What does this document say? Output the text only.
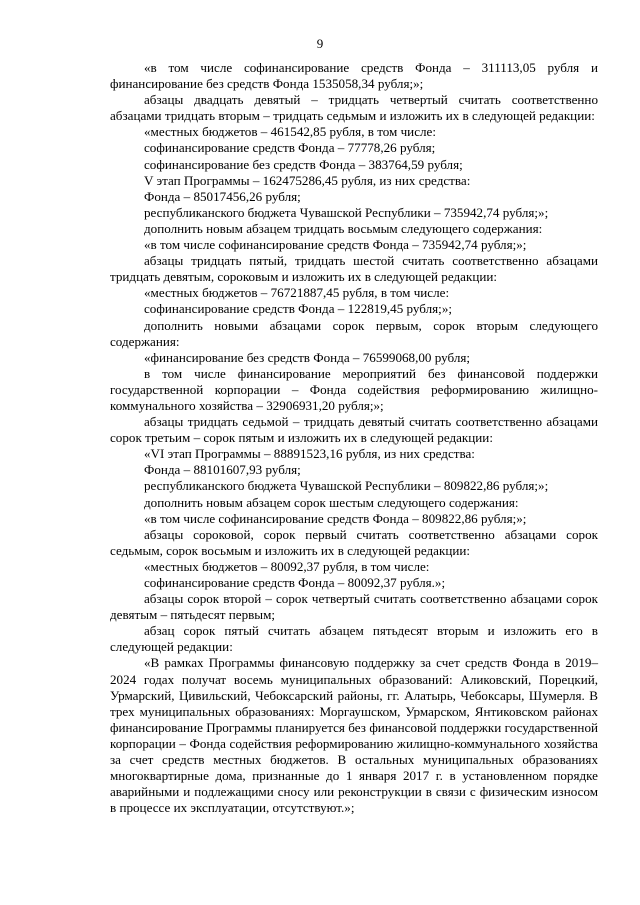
9

«в том числе софинансирование средств Фонда – 311113,05 рубля и финансирование без средств Фонда 1535058,34 рубля;»;

абзацы двадцать девятый – тридцать четвертый считать соответственно абзацами тридцать вторым – тридцать седьмым и изложить их в следующей редакции:

«местных бюджетов – 461542,85 рубля, в том числе:

софинансирование средств Фонда – 77778,26 рубля;

софинансирование без средств Фонда – 383764,59 рубля;

V этап Программы – 162475286,45 рубля, из них средства:

Фонда – 85017456,26 рубля;

республиканского бюджета Чувашской Республики – 735942,74 рубля;»;

дополнить новым абзацем тридцать восьмым следующего содержания:

«в том числе софинансирование средств Фонда – 735942,74 рубля;»;

абзацы тридцать пятый, тридцать шестой считать соответственно абзацами тридцать девятым, сороковым и изложить их в следующей редакции:

«местных бюджетов – 76721887,45 рубля, в том числе:

софинансирование средств Фонда – 122819,45 рубля;»;

дополнить новыми абзацами сорок первым, сорок вторым следующего содержания:

«финансирование без средств Фонда – 76599068,00 рубля;

в том числе финансирование мероприятий без финансовой поддержки государственной корпорации – Фонда содействия реформированию жилищно-коммунального хозяйства – 32906931,20 рубля;»;

абзацы тридцать седьмой – тридцать девятый считать соответственно абзацами сорок третьим – сорок пятым и изложить их в следующей редакции:

«VI этап Программы – 88891523,16 рубля, из них средства:

Фонда – 88101607,93 рубля;

республиканского бюджета Чувашской Республики – 809822,86 рубля;»;

дополнить новым абзацем сорок шестым следующего содержания:

«в том числе софинансирование средств Фонда – 809822,86 рубля;»;

абзацы сороковой, сорок первый считать соответственно абзацами сорок седьмым, сорок восьмым и изложить их в следующей редакции:

«местных бюджетов – 80092,37 рубля, в том числе:

софинансирование средств Фонда – 80092,37 рубля.»;

абзацы сорок второй – сорок четвертый считать соответственно абзацами сорок девятым – пятьдесят первым;

абзац сорок пятый считать абзацем пятьдесят вторым и изложить его в следующей редакции:

«В рамках Программы финансовую поддержку за счет средств Фонда в 2019–2024 годах получат восемь муниципальных образований: Аликовский, Порецкий, Урмарский, Цивильский, Чебоксарский районы, гг. Алатырь, Чебоксары, Шумерля. В трех муниципальных образованиях: Моргаушском, Урмарском, Янтиковском районах финансирование Программы планируется без финансовой поддержки государственной корпорации – Фонда содействия реформированию жилищно-коммунального хозяйства за счет средств местных бюджетов. В остальных муниципальных образованиях многоквартирные дома, признанные до 1 января 2017 г. в установленном порядке аварийными и подлежащими сносу или реконструкции в связи с физическим износом в процессе их эксплуатации, отсутствуют.»;
